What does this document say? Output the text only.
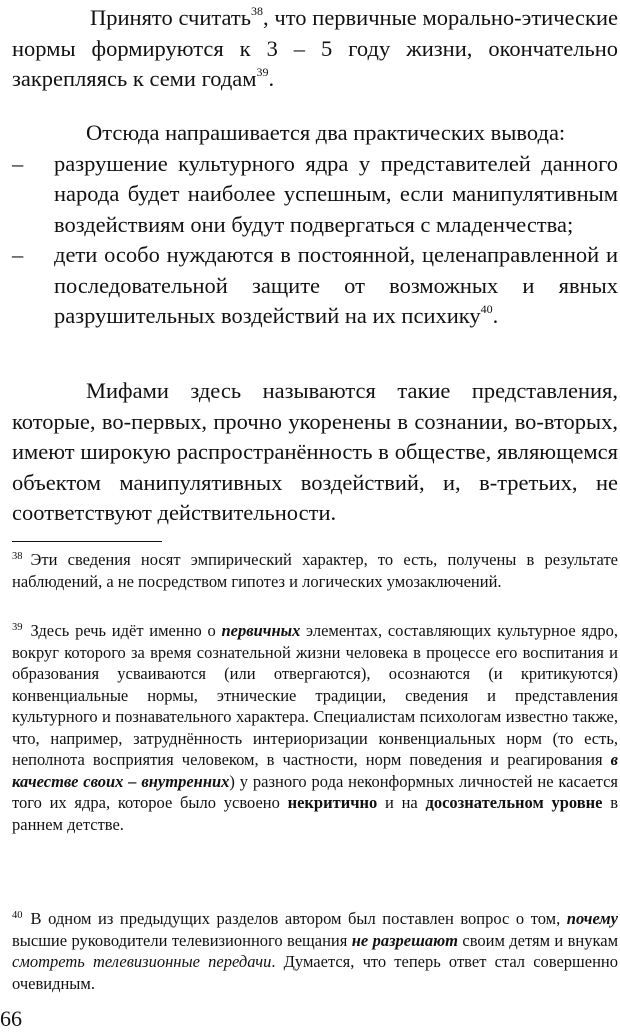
Принято считать$^{38}$, что первичные морально-этические нормы формируются к 3 – 5 году жизни, окончательно закрепляясь к семи годам$^{39}$.

Отсюда напрашивается два практических вывода:

– разрушение культурного ядра у представителей данного народа будет наиболее успешным, если манипулятивным воздействиям они будут подвергаться с младенчества;

– дети особо нуждаются в постоянной, целенаправленной и последовательной защите от возможных и явных разрушительных воздействий на их психику$^{40}$.

Мифами здесь называются такие представления, которые, во-первых, прочно укоренены в сознании, во-вторых, имеют широкую распространённость в обществе, являющемся объектом манипулятивных воздействий, и, в-третьих, не соответствуют действительности.

$^{38}$ Эти сведения носят эмпирический характер, то есть, получены в результате наблюдений, а не посредством гипотез и логических умозаключений.

$^{39}$ Здесь речь идёт именно о первичных элементах, составляющих культурное ядро, вокруг которого за время сознательной жизни человека в процессе его воспитания и образования усваиваются (или отвергаются), осознаются (и критикуются) конвенциальные нормы, этнические традиции, сведения и представления культурного и познавательного характера. Специалистам психологам известно также, что, например, затруднённость интериоризации конвенциальных норм (то есть, неполнота восприятия человеком, в частности, норм поведения и реагирования в качестве своих – внутренних) у разного рода неконформных личностей не касается того их ядра, которое было усвоено некритично и на досознательном уровне в раннем детстве.

$^{40}$ В одном из предыдущих разделов автором был поставлен вопрос о том, почему высшие руководители телевизионного вещания не разрешают своим детям и внукам смотреть телевизионные передачи. Думается, что теперь ответ стал совершенно очевидным.

66
